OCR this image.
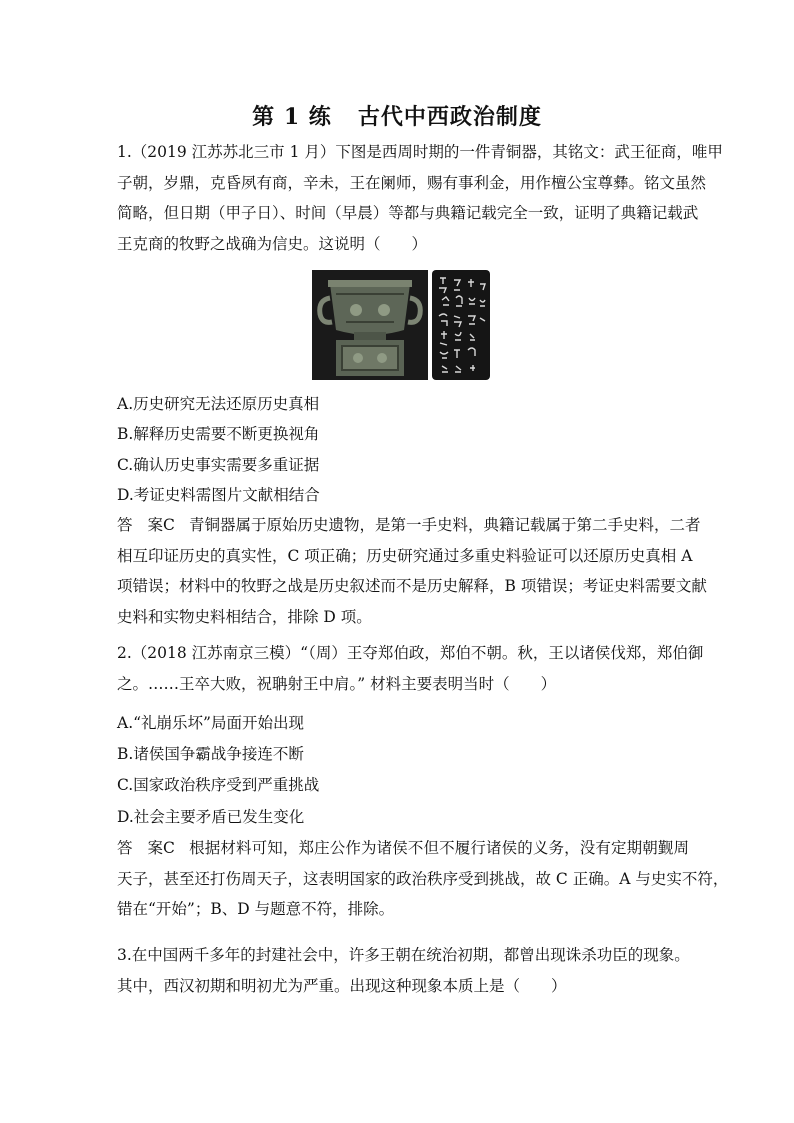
第 1 练 古代中西政治制度
1.（2019 江苏苏北三市 1 月）下图是西周时期的一件青铜器，其铭文：武王征商，唯甲
子朝，岁鼎，克昏夙有商，辛未，王在阑师，赐有事利金，用作檀公宝尊彝。铭文虽然
简略，但日期（甲子日）、时间（早晨）等都与典籍记载完全一致，证明了典籍记载武
王克商的牧野之战确为信史。这说明（　　）
A.历史研究无法还原历史真相
B.解释历史需要不断更换视角
C.确认历史事实需要多重证据
D.考证史料需图片文献相结合
答案C 青铜器属于原始历史遗物，是第一手史料，典籍记载属于第二手史料，二者
相互印证历史的真实性，C 项正确；历史研究通过多重史料验证可以还原历史真相 A
项错误；材料中的牧野之战是历史叙述而不是历史解释，B 项错误；考证史料需要文献
史料和实物史料相结合，排除 D 项。
2.（2018 江苏南京三模）“（周）王夺郑伯政，郑伯不朝。秋，王以诸侯伐郑，郑伯御
之。……王卒大败，祝聃射王中肩。” 材料主要表明当时（　　）
A.“礼崩乐坏”局面开始出现
B.诸侯国争霸战争接连不断
C.国家政治秩序受到严重挑战
D.社会主要矛盾已发生变化
答案C 根据材料可知，郑庄公作为诸侯不但不履行诸侯的义务，没有定期朝觐周
天子，甚至还打伤周天子，这表明国家的政治秩序受到挑战，故 C 正确。A 与史实不符，
错在“开始”；B、D 与题意不符，排除。
3.在中国两千多年的封建社会中，许多王朝在统治初期，都曾出现诛杀功臣的现象。
其中，西汉初期和明初尤为严重。出现这种现象本质上是（　　）
